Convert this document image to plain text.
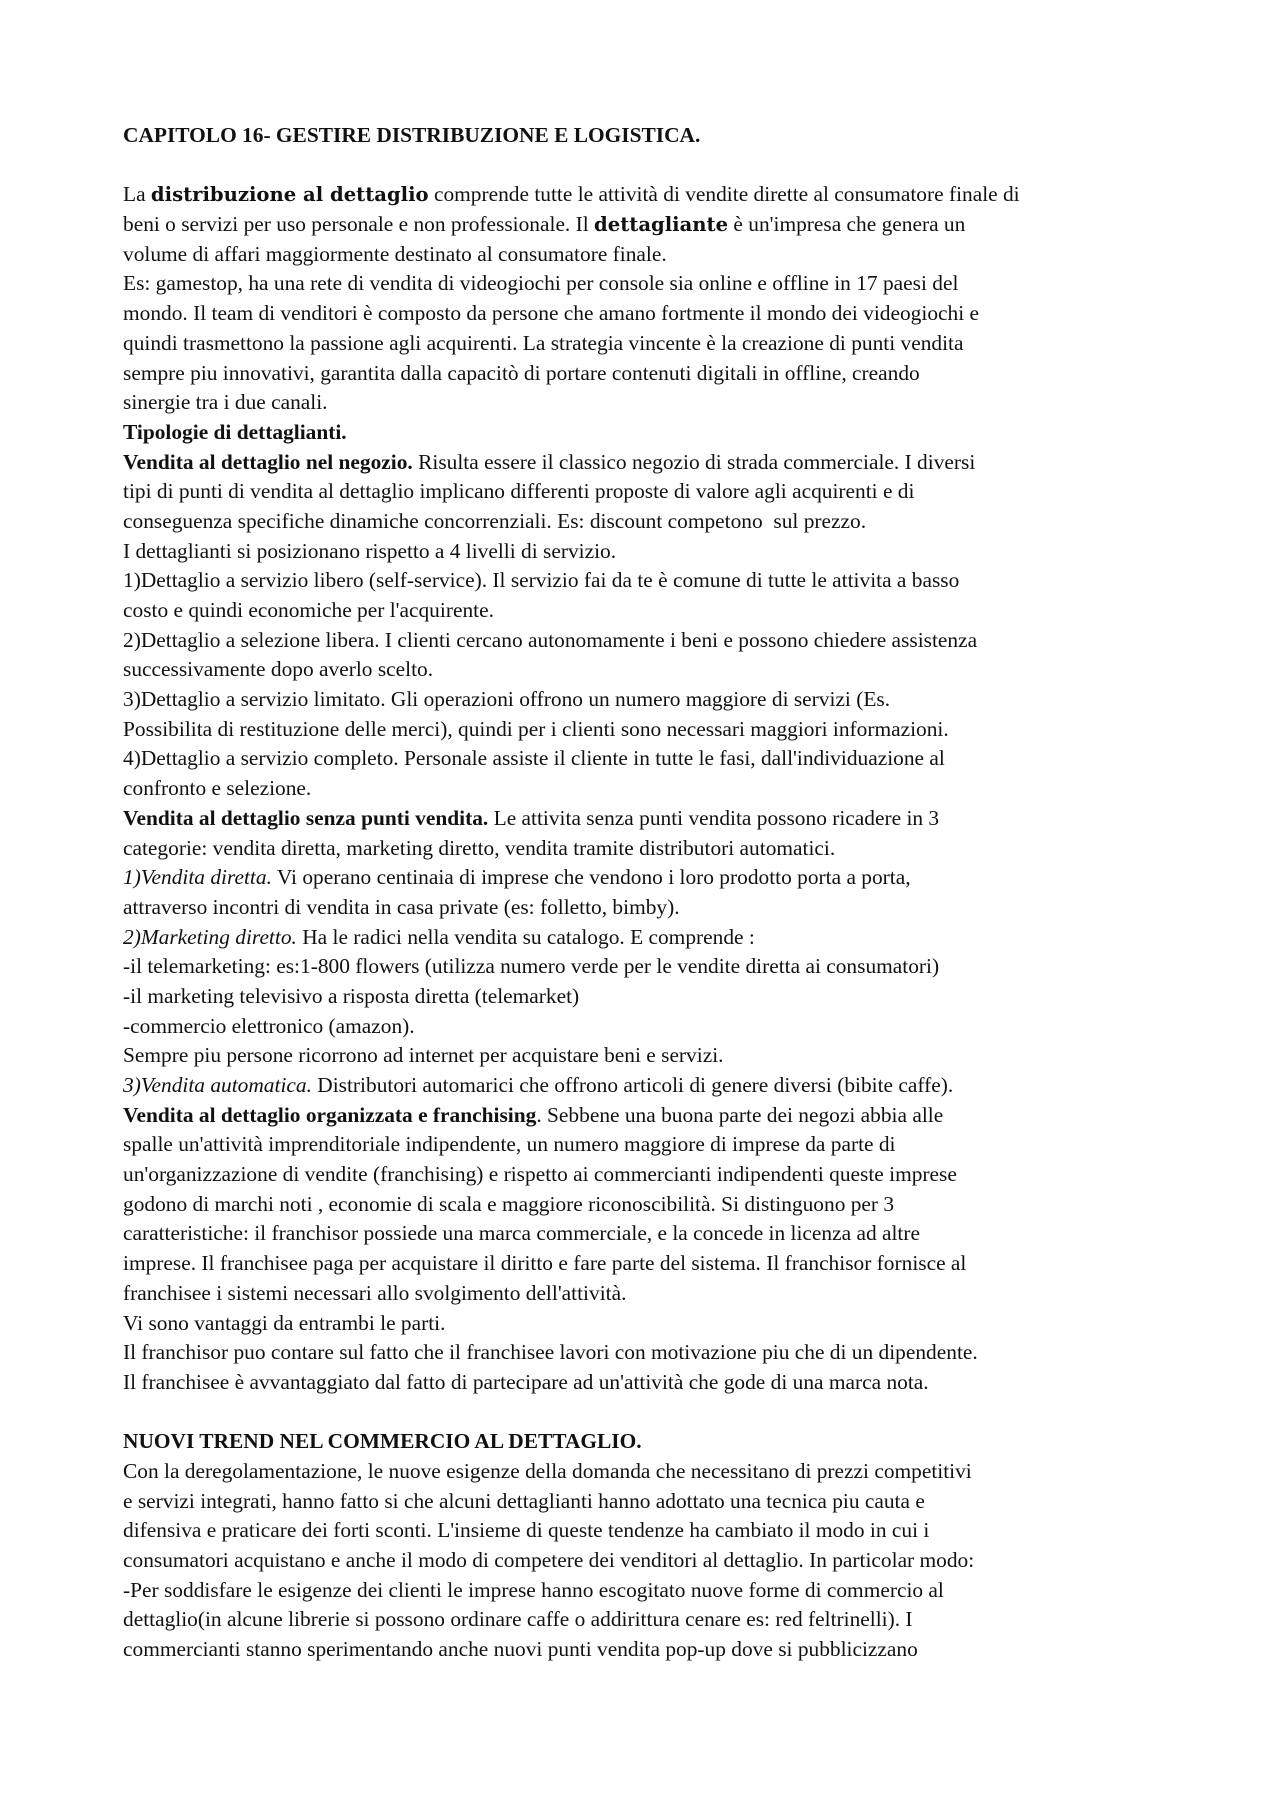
CAPITOLO 16- GESTIRE DISTRIBUZIONE E LOGISTICA.
La distribuzione al dettaglio comprende tutte le attività di vendite dirette al consumatore finale di
beni o servizi per uso personale e non professionale. Il dettagliante è un'impresa che genera un
volume di affari maggiormente destinato al consumatore finale.
Es: gamestop, ha una rete di vendita di videogiochi per console sia online e offline in 17 paesi del
mondo. Il team di venditori è composto da persone che amano fortmente il mondo dei videogiochi e
quindi trasmettono la passione agli acquirenti. La strategia vincente è la creazione di punti vendita
sempre piu innovativi, garantita dalla capacitò di portare contenuti digitali in offline, creando
sinergie tra i due canali.
Tipologie di dettaglianti.
Vendita al dettaglio nel negozio. Risulta essere il classico negozio di strada commerciale. I diversi
tipi di punti di vendita al dettaglio implicano differenti proposte di valore agli acquirenti e di
conseguenza specifiche dinamiche concorrenziali. Es: discount competono  sul prezzo.
I dettaglianti si posizionano rispetto a 4 livelli di servizio.
1)Dettaglio a servizio libero (self-service). Il servizio fai da te è comune di tutte le attivita a basso
costo e quindi economiche per l'acquirente.
2)Dettaglio a selezione libera. I clienti cercano autonomamente i beni e possono chiedere assistenza
successivamente dopo averlo scelto.
3)Dettaglio a servizio limitato. Gli operazioni offrono un numero maggiore di servizi (Es.
Possibilita di restituzione delle merci), quindi per i clienti sono necessari maggiori informazioni.
4)Dettaglio a servizio completo. Personale assiste il cliente in tutte le fasi, dall'individuazione al
confronto e selezione.
Vendita al dettaglio senza punti vendita. Le attivita senza punti vendita possono ricadere in 3
categorie: vendita diretta, marketing diretto, vendita tramite distributori automatici.
1)Vendita diretta. Vi operano centinaia di imprese che vendono i loro prodotto porta a porta,
attraverso incontri di vendita in casa private (es: folletto, bimby).
2)Marketing diretto. Ha le radici nella vendita su catalogo. E comprende :
-il telemarketing: es:1-800 flowers (utilizza numero verde per le vendite diretta ai consumatori)
-il marketing televisivo a risposta diretta (telemarket)
-commercio elettronico (amazon).
Sempre piu persone ricorrono ad internet per acquistare beni e servizi.
3)Vendita automatica. Distributori automarici che offrono articoli di genere diversi (bibite caffe).
Vendita al dettaglio organizzata e franchising. Sebbene una buona parte dei negozi abbia alle
spalle un'attività imprenditoriale indipendente, un numero maggiore di imprese da parte di
un'organizzazione di vendite (franchising) e rispetto ai commercianti indipendenti queste imprese
godono di marchi noti , economie di scala e maggiore riconoscibilità. Si distinguono per 3
caratteristiche: il franchisor possiede una marca commerciale, e la concede in licenza ad altre
imprese. Il franchisee paga per acquistare il diritto e fare parte del sistema. Il franchisor fornisce al
franchisee i sistemi necessari allo svolgimento dell'attività.
Vi sono vantaggi da entrambi le parti.
Il franchisor puo contare sul fatto che il franchisee lavori con motivazione piu che di un dipendente.
Il franchisee è avvantaggiato dal fatto di partecipare ad un'attività che gode di una marca nota.
NUOVI TREND NEL COMMERCIO AL DETTAGLIO.
Con la deregolamentazione, le nuove esigenze della domanda che necessitano di prezzi competitivi
e servizi integrati, hanno fatto si che alcuni dettaglianti hanno adottato una tecnica piu cauta e
difensiva e praticare dei forti sconti. L'insieme di queste tendenze ha cambiato il modo in cui i
consumatori acquistano e anche il modo di competere dei venditori al dettaglio. In particolar modo:
-Per soddisfare le esigenze dei clienti le imprese hanno escogitato nuove forme di commercio al
dettaglio(in alcune librerie si possono ordinare caffe o addirittura cenare es: red feltrinelli). I
commercianti stanno sperimentando anche nuovi punti vendita pop-up dove si pubblicizzano
